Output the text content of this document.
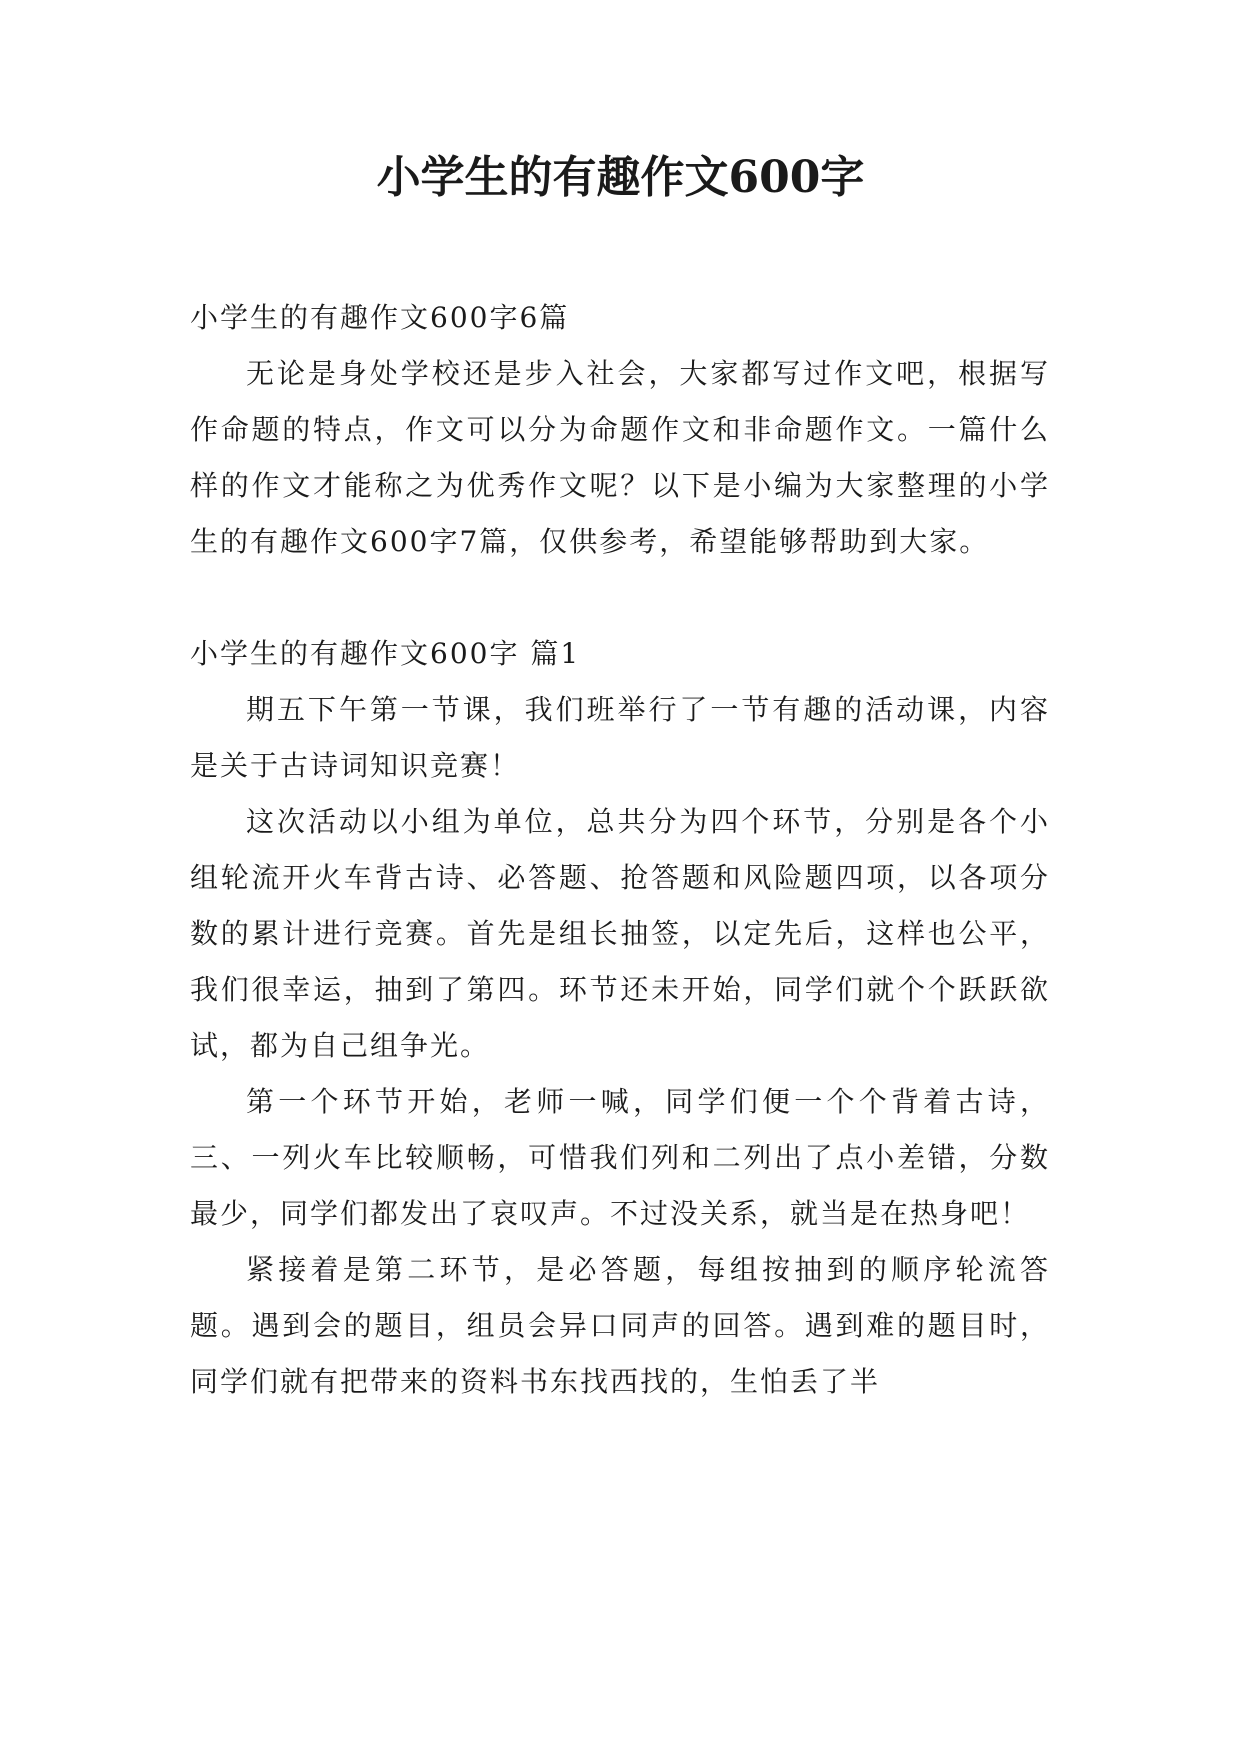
小学生的有趣作文600字

小学生的有趣作文600字6篇

无论是身处学校还是步入社会，大家都写过作文吧，根据写作命题的特点，作文可以分为命题作文和非命题作文。一篇什么样的作文才能称之为优秀作文呢？以下是小编为大家整理的小学生的有趣作文600字7篇，仅供参考，希望能够帮助到大家。

小学生的有趣作文600字 篇1

期五下午第一节课，我们班举行了一节有趣的活动课，内容是关于古诗词知识竞赛！

这次活动以小组为单位，总共分为四个环节，分别是各个小组轮流开火车背古诗、必答题、抢答题和风险题四项，以各项分数的累计进行竞赛。首先是组长抽签，以定先后，这样也公平，我们很幸运，抽到了第四。环节还未开始，同学们就个个跃跃欲试，都为自己组争光。

第一个环节开始，老师一喊，同学们便一个个背着古诗，三、一列火车比较顺畅，可惜我们列和二列出了点小差错，分数最少，同学们都发出了哀叹声。不过没关系，就当是在热身吧！

紧接着是第二环节，是必答题，每组按抽到的顺序轮流答题。遇到会的题目，组员会异口同声的回答。遇到难的题目时，同学们就有把带来的资料书东找西找的，生怕丢了半
